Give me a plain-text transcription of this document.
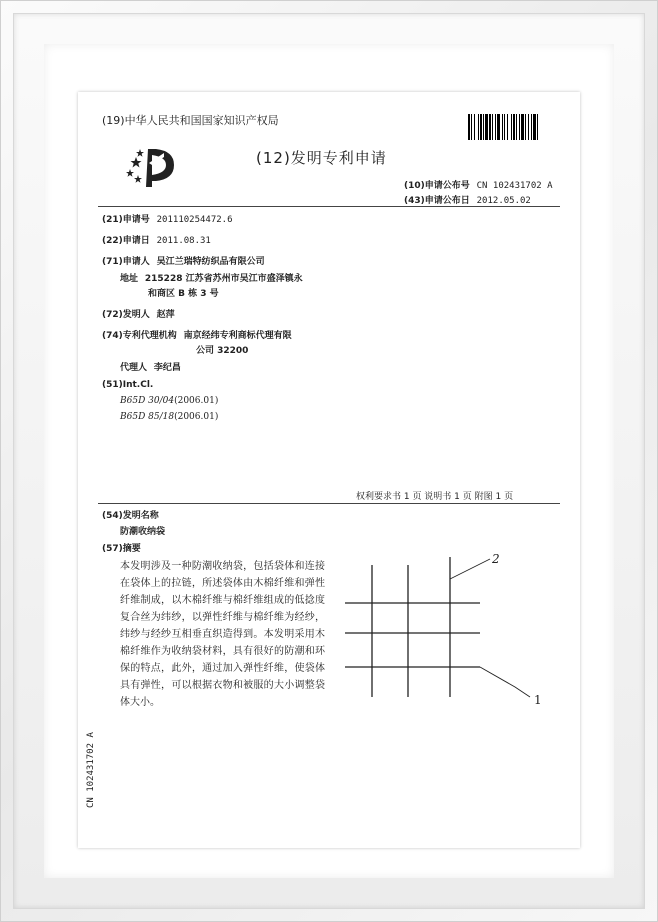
(19)中华人民共和国国家知识产权局
(12)发明专利申请
(10)申请公布号 CN 102431702 A
(43)申请公布日 2012.05.02
(21)申请号 201110254472.6
(22)申请日 2011.08.31
(71)申请人 吴江兰瑞特纺织品有限公司
地址 215228 江苏省苏州市吴江市盛泽镇永
和商区 B 栋 3 号
(72)发明人 赵萍
(74)专利代理机构 南京经纬专利商标代理有限
公司 32200
代理人 李纪昌
(51)Int.Cl.
B65D 30/04(2006.01)
B65D 85/18(2006.01)
权利要求书 1 页 说明书 1 页 附图 1 页
(54)发明名称
防潮收纳袋
(57)摘要
本发明涉及一种防潮收纳袋，包括袋体和连接在袋体上的拉链，所述袋体由木棉纤维和弹性纤维制成，以木棉纤维与棉纤维组成的低捻度复合丝为纬纱，以弹性纤维与棉纤维为经纱，纬纱与经纱互相垂直织造得到。本发明采用木棉纤维作为收纳袋材料，具有很好的防潮和环保的特点，此外，通过加入弹性纤维，使袋体具有弹性，可以根据衣物和被服的大小调整袋体大小。
2
1
CN 102431702 A
